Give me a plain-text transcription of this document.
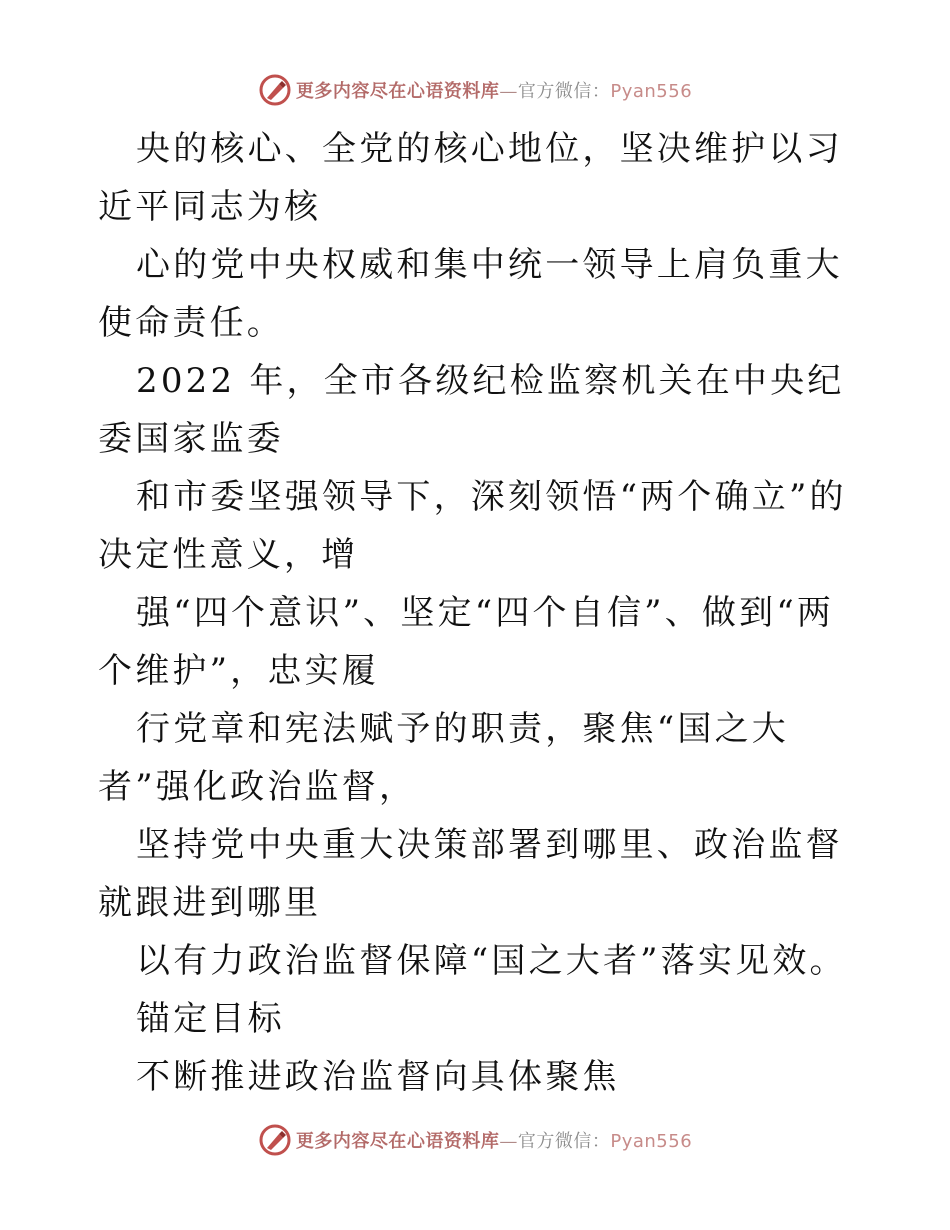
更多内容尽在心语资料库—官方微信：Pyan556

央的核心、全党的核心地位，坚决维护以习近平同志为核

心的党中央权威和集中统一领导上肩负重大使命责任。

2022 年，全市各级纪检监察机关在中央纪委国家监委

和市委坚强领导下，深刻领悟“两个确立”的决定性意义，增

强“四个意识”、坚定“四个自信”、做到“两个维护”，忠实履

行党章和宪法赋予的职责，聚焦“国之大者”强化政治监督，

坚持党中央重大决策部署到哪里、政治监督就跟进到哪里

以有力政治监督保障“国之大者”落实见效。

锚定目标

不断推进政治监督向具体聚焦

更多内容尽在心语资料库—官方微信：Pyan556
